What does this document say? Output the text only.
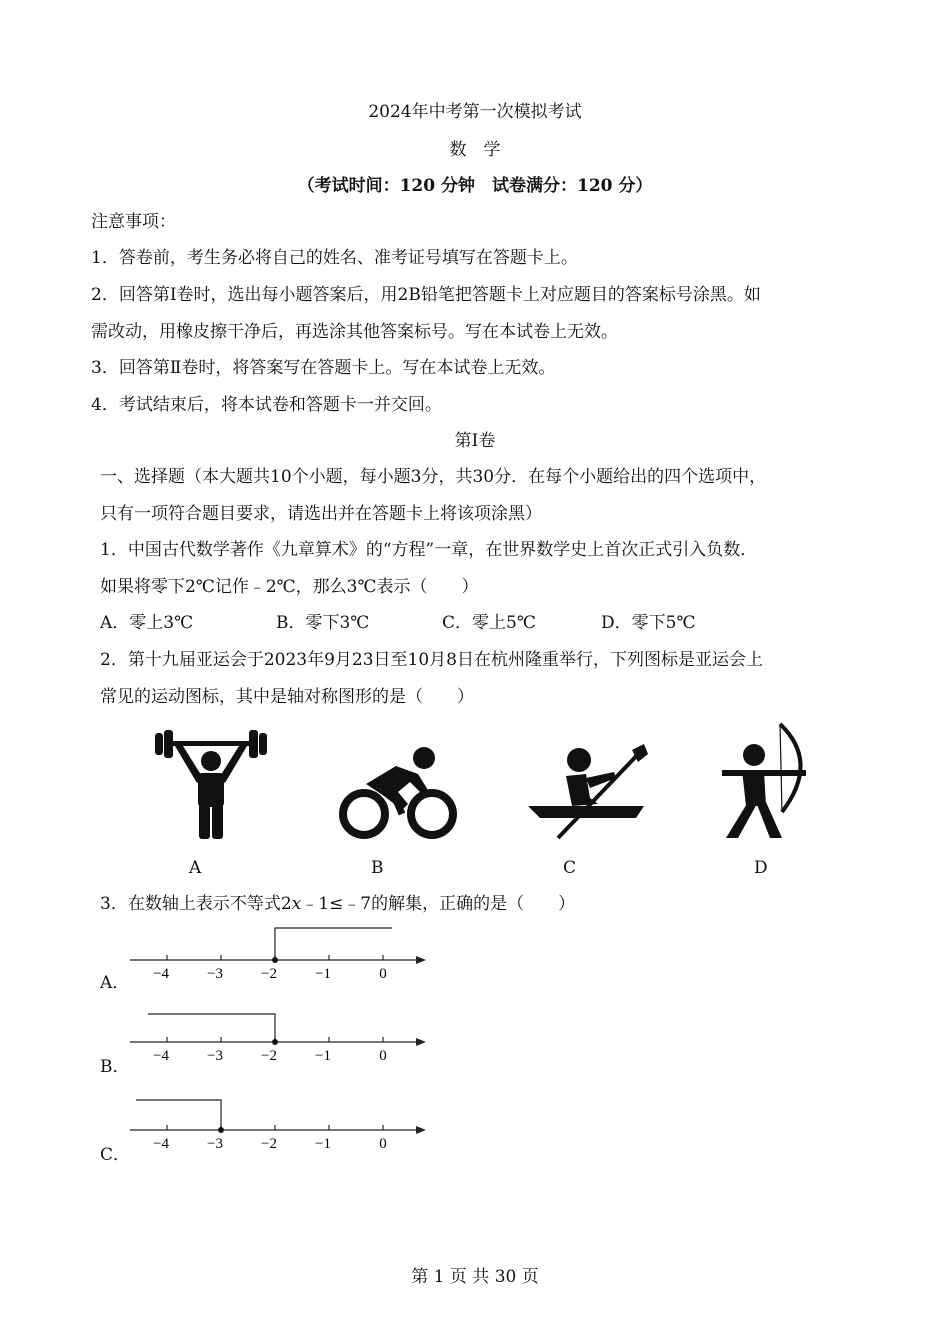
2024年中考第一次模拟考试
数　学
（考试时间：120 分钟　试卷满分：120 分）
注意事项：
1．答卷前，考生务必将自己的姓名、准考证号填写在答题卡上。
2．回答第Ⅰ卷时，选出每小题答案后，用2B铅笔把答题卡上对应题目的答案标号涂黑。如
需改动，用橡皮擦干净后，再选涂其他答案标号。写在本试卷上无效。
3．回答第Ⅱ卷时，将答案写在答题卡上。写在本试卷上无效。
4．考试结束后，将本试卷和答题卡一并交回。
第Ⅰ卷
一、选择题（本大题共10个小题，每小题3分，共30分．在每个小题给出的四个选项中，
只有一项符合题目要求，请选出并在答题卡上将该项涂黑）
1．中国古代数学著作《九章算术》的“方程”一章，在世界数学史上首次正式引入负数．
如果将零下2℃记作﹣2℃，那么3℃表示（　　）
A．零上3℃	B．零下3℃	C．零上5℃	D．零下5℃
2．第十九届亚运会于2023年9月23日至10月8日在杭州隆重举行，下列图标是亚运会上
常见的运动图标，其中是轴对称图形的是（　　）
A	B	C	D
3．在数轴上表示不等式2x﹣1≤﹣7的解集，正确的是（　　）
−4	−3	−2	−1	0
A．
−4	−3	−2	−1	0
B．
−4	−3	−2	−1	0
C．
第 1 页 共 30 页
